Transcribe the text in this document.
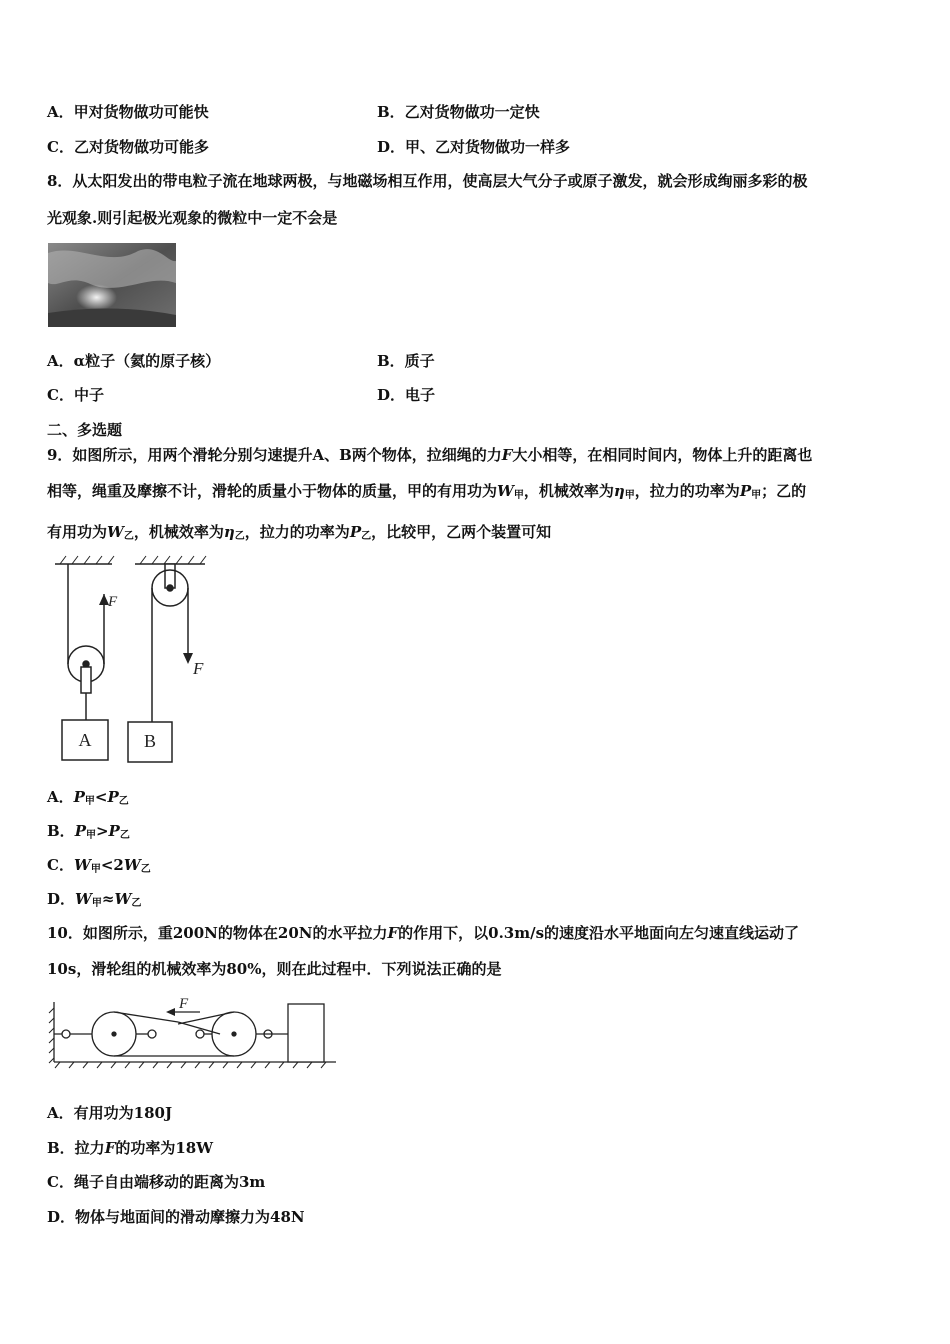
A．甲对货物做功可能快	B．乙对货物做功一定快
C．乙对货物做功可能多	D．甲、乙对货物做功一样多
8．从太阳发出的带电粒子流在地球两极，与地磁场相互作用，使高层大气分子或原子激发，就会形成绚丽多彩的极
光观象.则引起极光观象的微粒中一定不会是
A．α粒子（氦的原子核）	B．质子
C．中子	D．电子
二、多选题
9．如图所示，用两个滑轮分别匀速提升A、B两个物体，拉细绳的力F大小相等，在相同时间内，物体上升的距离也
相等，绳重及摩擦不计，滑轮的质量小于物体的质量，甲的有用功为$W_甲$，机械效率为$\eta_甲$，拉力的功率为$P_甲$；乙的
有用功为$W_乙$，机械效率为$\eta_乙$，拉力的功率为$P_乙$，比较甲，乙两个装置可知
F
F
A	B
A．$P_甲<P_乙$
B．$P_甲>P_乙$
C．$W_甲<2W_乙$
D．$W_甲\approx W_乙$
10．如图所示，重200N的物体在20N的水平拉力F的作用下，以0.3m/s的速度沿水平地面向左匀速直线运动了
10s，滑轮组的机械效率为80%，则在此过程中．下列说法正确的是
F
A．有用功为180J
B．拉力F的功率为18W
C．绳子自由端移动的距离为3m
D．物体与地面间的滑动摩擦力为48N
